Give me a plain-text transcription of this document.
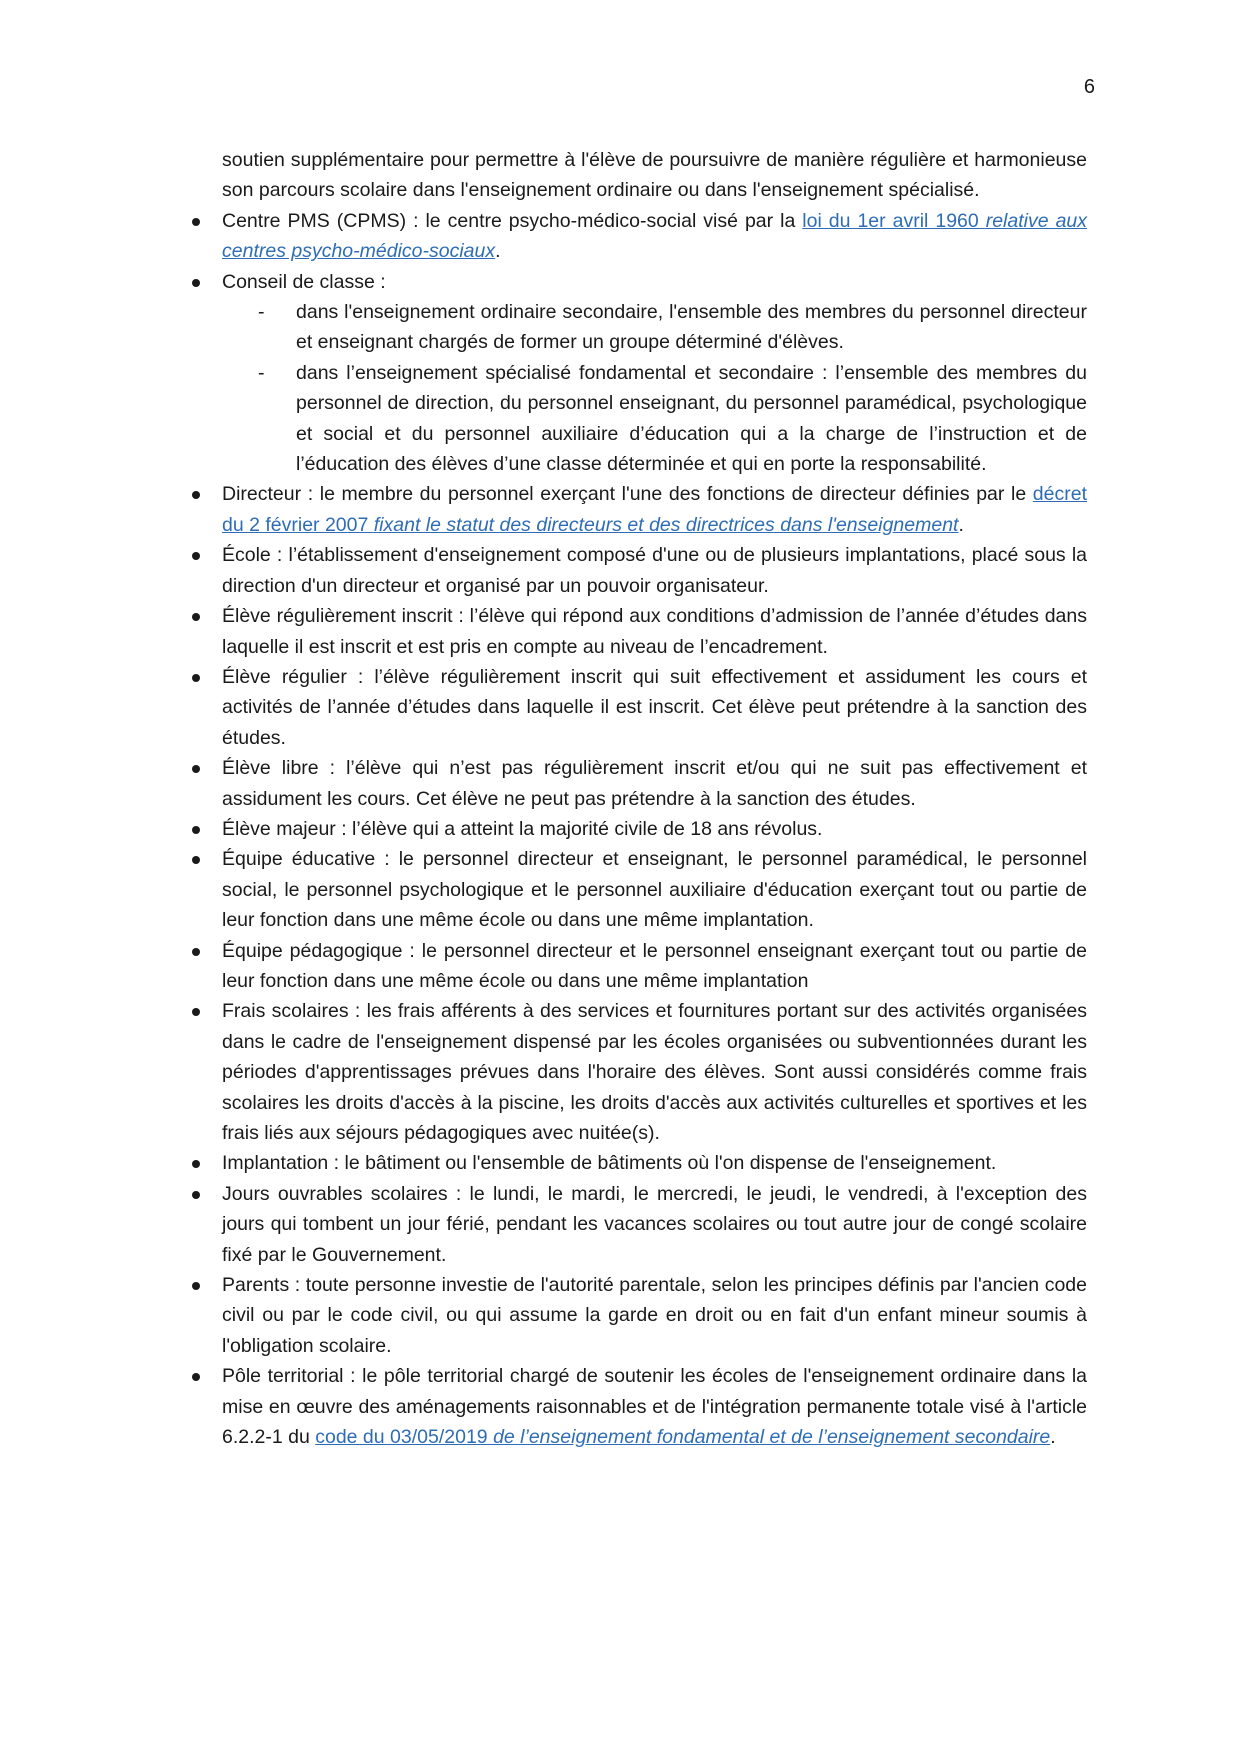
6

soutien supplémentaire pour permettre à l'élève de poursuivre de manière régulière et harmonieuse son parcours scolaire dans l'enseignement ordinaire ou dans l'enseignement spécialisé.

Centre PMS (CPMS) : le centre psycho-médico-social visé par la loi du 1er avril 1960 relative aux centres psycho-médico-sociaux.
Conseil de classe :
- dans l'enseignement ordinaire secondaire, l'ensemble des membres du personnel directeur et enseignant chargés de former un groupe déterminé d'élèves.
- dans l’enseignement spécialisé fondamental et secondaire : l’ensemble des membres du personnel de direction, du personnel enseignant, du personnel paramédical, psychologique et social et du personnel auxiliaire d’éducation qui a la charge de l’instruction et de l’éducation des élèves d’une classe déterminée et qui en porte la responsabilité.
Directeur : le membre du personnel exerçant l'une des fonctions de directeur définies par le décret du 2 février 2007 fixant le statut des directeurs et des directrices dans l'enseignement.
École : l’établissement d'enseignement composé d'une ou de plusieurs implantations, placé sous la direction d'un directeur et organisé par un pouvoir organisateur.
Élève régulièrement inscrit : l’élève qui répond aux conditions d’admission de l’année d’études dans laquelle il est inscrit et est pris en compte au niveau de l’encadrement.
Élève régulier : l’élève régulièrement inscrit qui suit effectivement et assidument les cours et activités de l’année d’études dans laquelle il est inscrit. Cet élève peut prétendre à la sanction des études.
Élève libre : l’élève qui n’est pas régulièrement inscrit et/ou qui ne suit pas effectivement et assidument les cours. Cet élève ne peut pas prétendre à la sanction des études.
Élève majeur : l’élève qui a atteint la majorité civile de 18 ans révolus.
Équipe éducative : le personnel directeur et enseignant, le personnel paramédical, le personnel social, le personnel psychologique et le personnel auxiliaire d'éducation exerçant tout ou partie de leur fonction dans une même école ou dans une même implantation.
Équipe pédagogique : le personnel directeur et le personnel enseignant exerçant tout ou partie de leur fonction dans une même école ou dans une même implantation
Frais scolaires : les frais afférents à des services et fournitures portant sur des activités organisées dans le cadre de l'enseignement dispensé par les écoles organisées ou subventionnées durant les périodes d'apprentissages prévues dans l'horaire des élèves. Sont aussi considérés comme frais scolaires les droits d'accès à la piscine, les droits d'accès aux activités culturelles et sportives et les frais liés aux séjours pédagogiques avec nuitée(s).
Implantation : le bâtiment ou l'ensemble de bâtiments où l'on dispense de l'enseignement.
Jours ouvrables scolaires : le lundi, le mardi, le mercredi, le jeudi, le vendredi, à l'exception des jours qui tombent un jour férié, pendant les vacances scolaires ou tout autre jour de congé scolaire fixé par le Gouvernement.
Parents : toute personne investie de l'autorité parentale, selon les principes définis par l'ancien code civil ou par le code civil, ou qui assume la garde en droit ou en fait d'un enfant mineur soumis à l'obligation scolaire.
Pôle territorial : le pôle territorial chargé de soutenir les écoles de l'enseignement ordinaire dans la mise en œuvre des aménagements raisonnables et de l'intégration permanente totale visé à l'article 6.2.2-1 du code du 03/05/2019 de l’enseignement fondamental et de l’enseignement secondaire.
